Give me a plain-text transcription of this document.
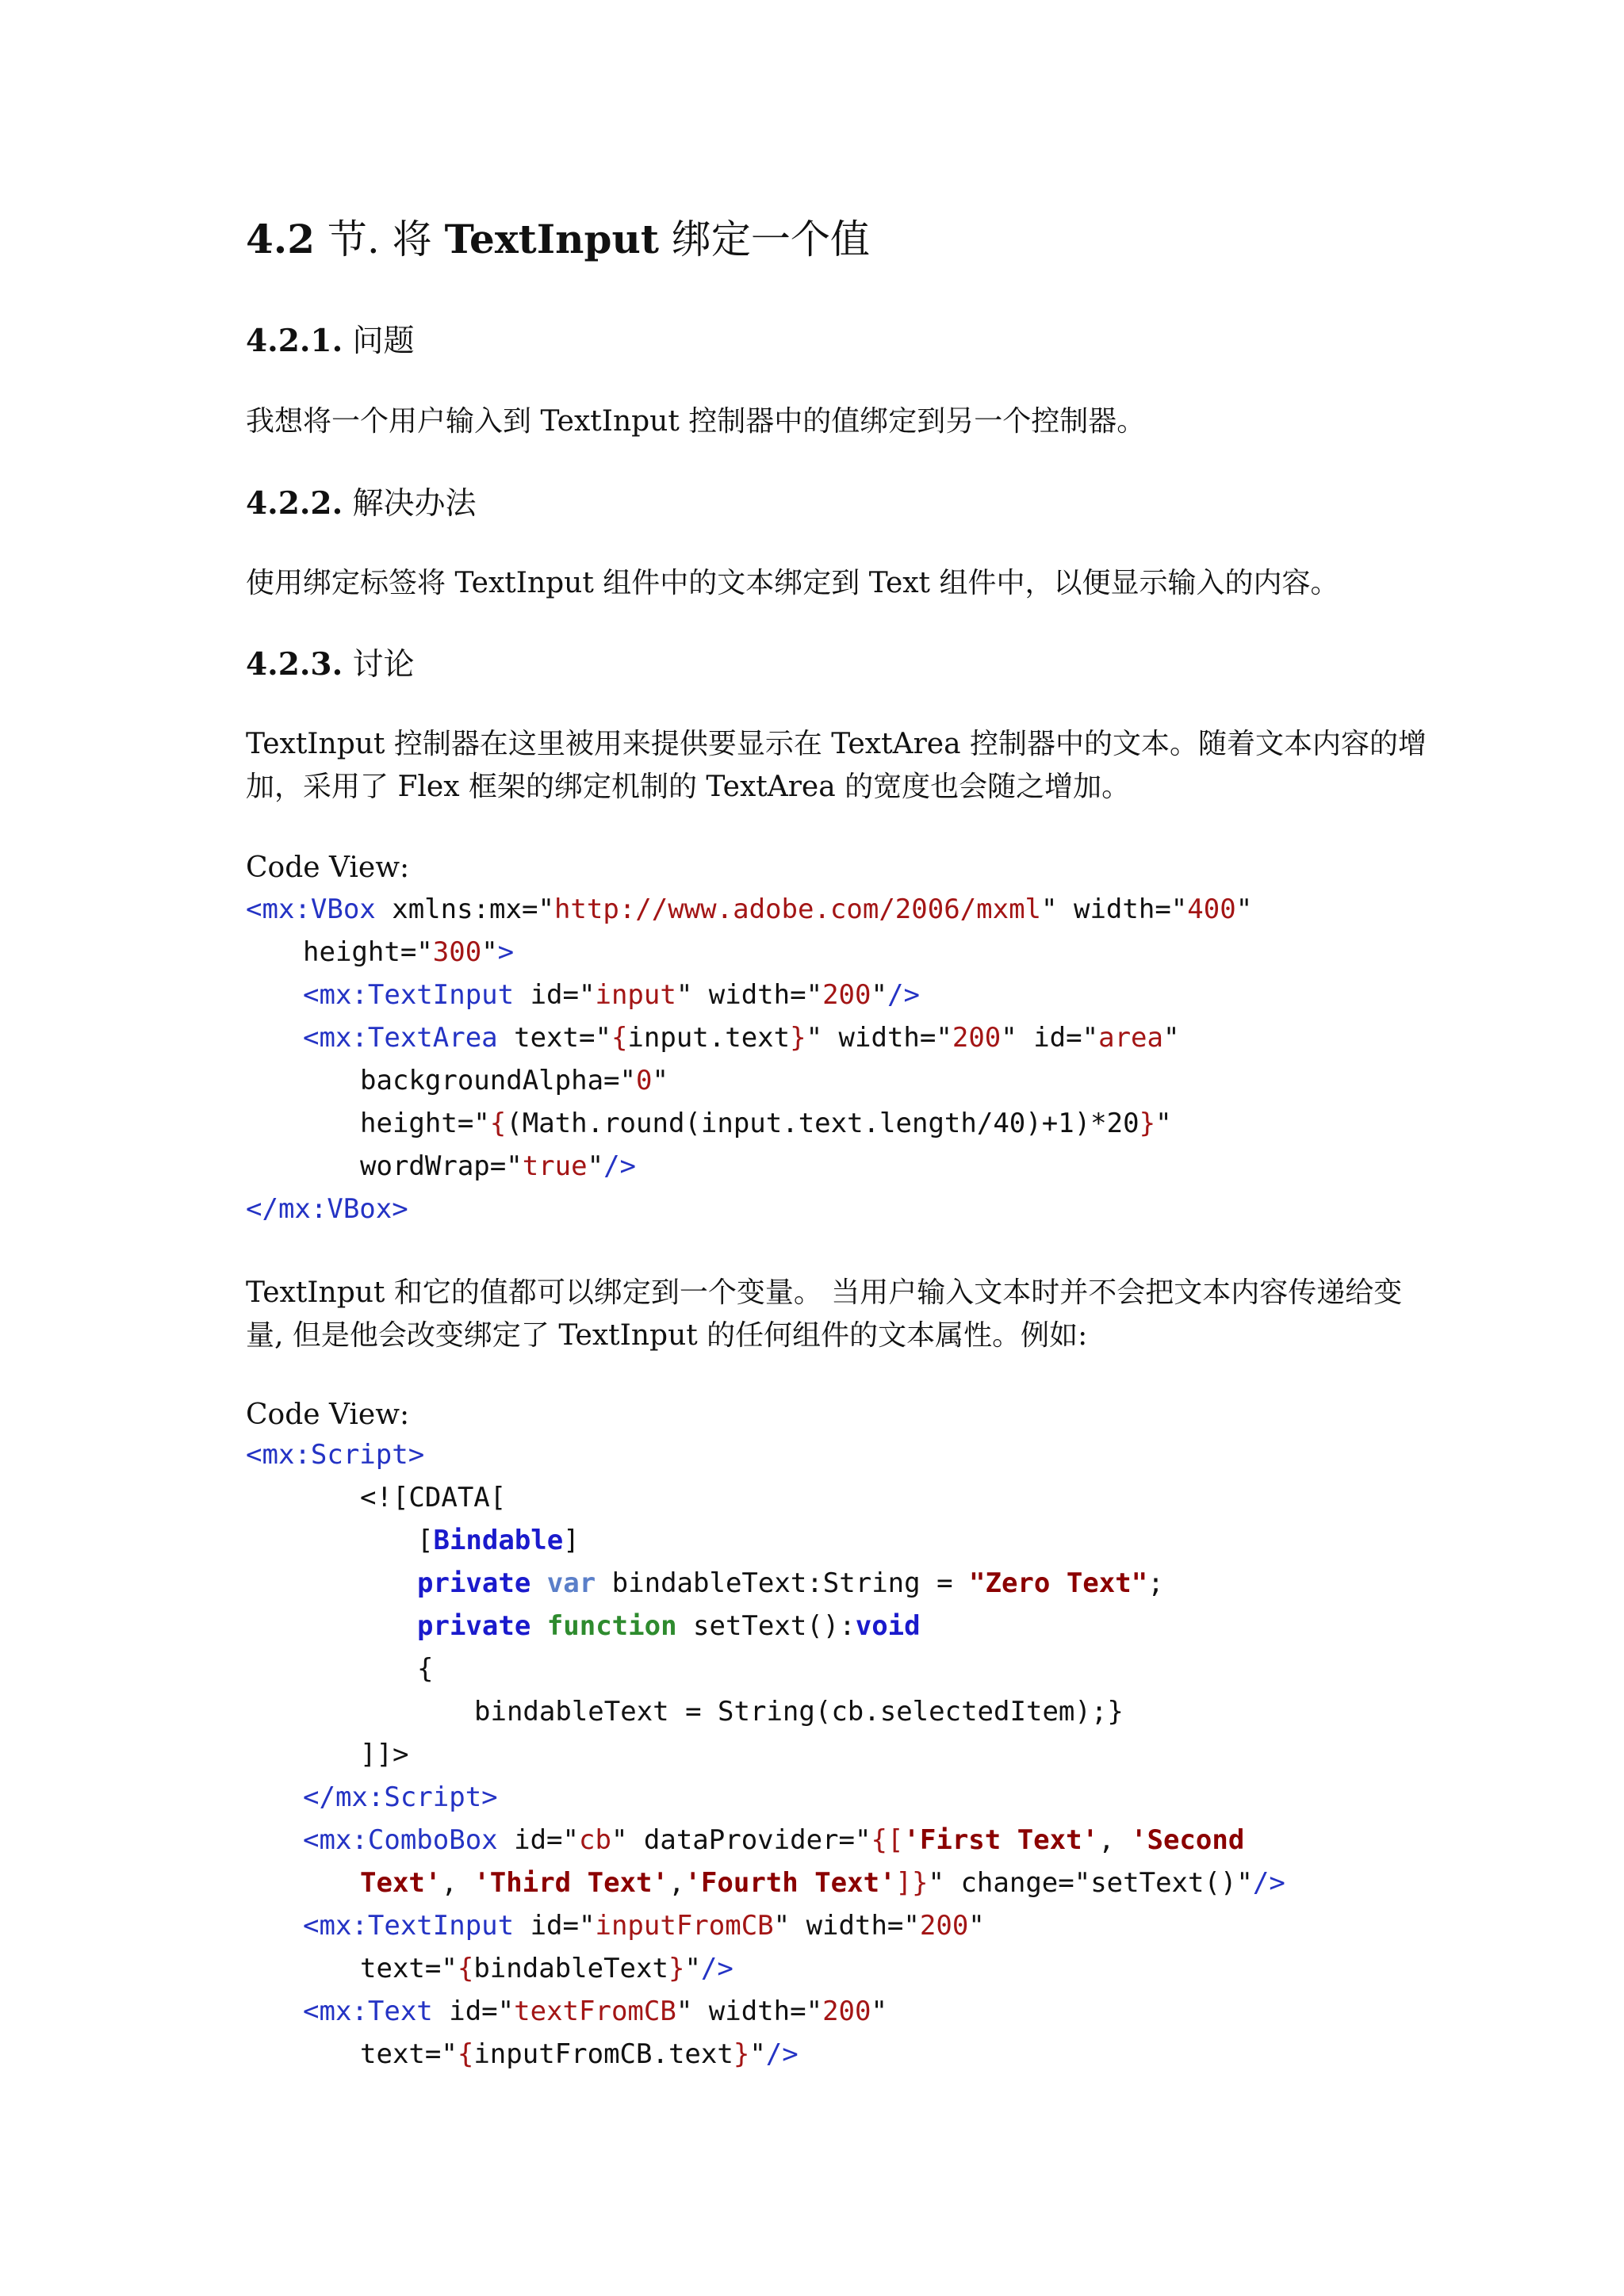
4.2 节. 将 TextInput 绑定一个值
4.2.1. 问题
我想将一个用户输入到 TextInput 控制器中的值绑定到另一个控制器。
4.2.2. 解决办法
使用绑定标签将 TextInput 组件中的文本绑定到 Text 组件中，以便显示输入的内容。
4.2.3. 讨论
TextInput 控制器在这里被用来提供要显示在 TextArea 控制器中的文本。随着文本内容的增
加，采用了 Flex 框架的绑定机制的 TextArea 的宽度也会随之增加。
Code View:
<mx:VBox xmlns:mx="http://www.adobe.com/2006/mxml" width="400"
height="300">
<mx:TextInput id="input" width="200"/>
<mx:TextArea text="{input.text}" width="200" id="area"
backgroundAlpha="0"
height="{(Math.round(input.text.length/40)+1)*20}"
wordWrap="true"/>
</mx:VBox>
TextInput 和它的值都可以绑定到一个变量。 当用户输入文本时并不会把文本内容传递给变
量, 但是他会改变绑定了 TextInput 的任何组件的文本属性。例如:
Code View:
<mx:Script>
<![CDATA[
[Bindable]
private var bindableText:String = "Zero Text";
private function setText():void
{
bindableText = String(cb.selectedItem);}
]]>
</mx:Script>
<mx:ComboBox id="cb" dataProvider="{['First Text', 'Second
Text', 'Third Text','Fourth Text']}" change="setText()"/>
<mx:TextInput id="inputFromCB" width="200"
text="{bindableText}"/>
<mx:Text id="textFromCB" width="200"
text="{inputFromCB.text}"/>
